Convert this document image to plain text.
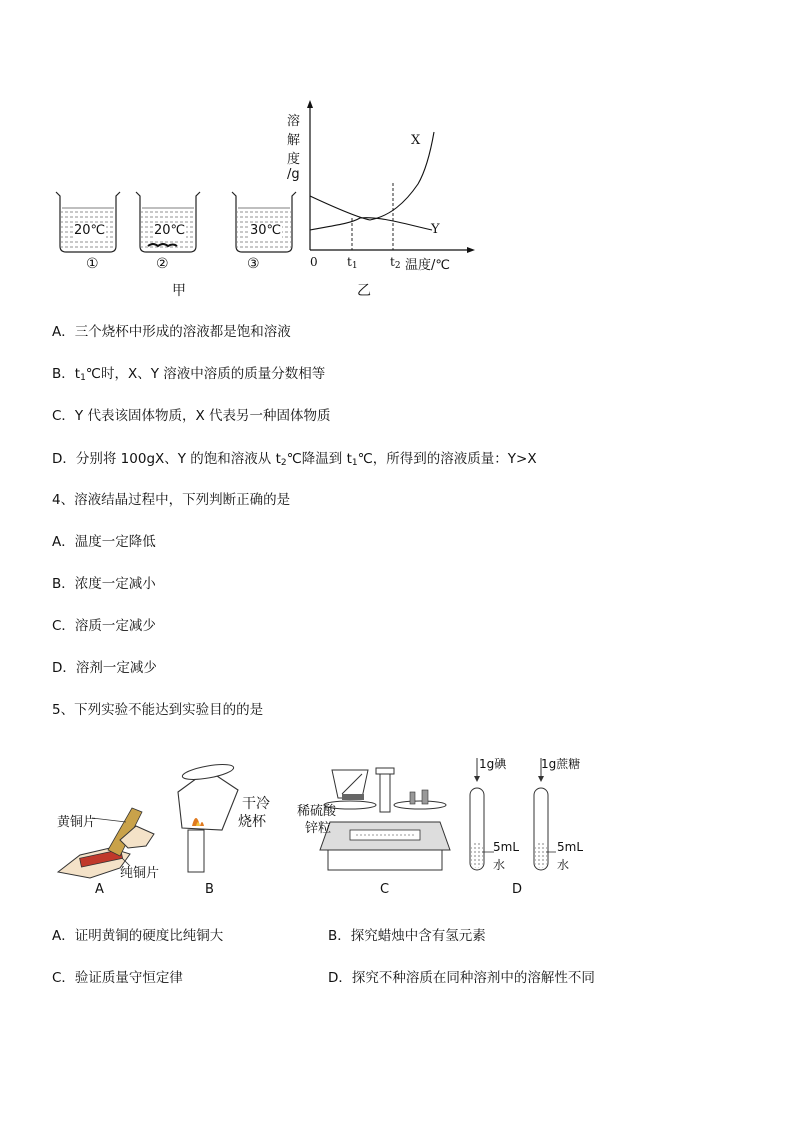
20℃	20℃	30℃
①	②	③
甲
溶
解
度
/g
X
Y
0 $t_1$	$t_2$ 温度/℃
乙
A．三个烧杯中形成的溶液都是饱和溶液
B．$t_1℃$时，X、Y 溶液中溶质的质量分数相等
C．Y 代表该固体物质，X 代表另一种固体物质
D．分别将 100gX、Y 的饱和溶液从 $t_2℃$降温到 $t_1℃$，所得到的溶液质量：Y>X
4、溶液结晶过程中，下列判断正确的是
A．温度一定降低
B．浓度一定减小
C．溶质一定减少
D．溶剂一定减少
5、下列实验不能达到实验目的的是
黄铜片
纯铜片
A
干冷
烧杯
B
稀硫酸
锌粒
C
1g碘	1g蔗糖
5mL
水
5mL
水
D
A．证明黄铜的硬度比纯铜大	B．探究蜡烛中含有氢元素
C．验证质量守恒定律	D．探究不种溶质在同种溶剂中的溶解性不同
